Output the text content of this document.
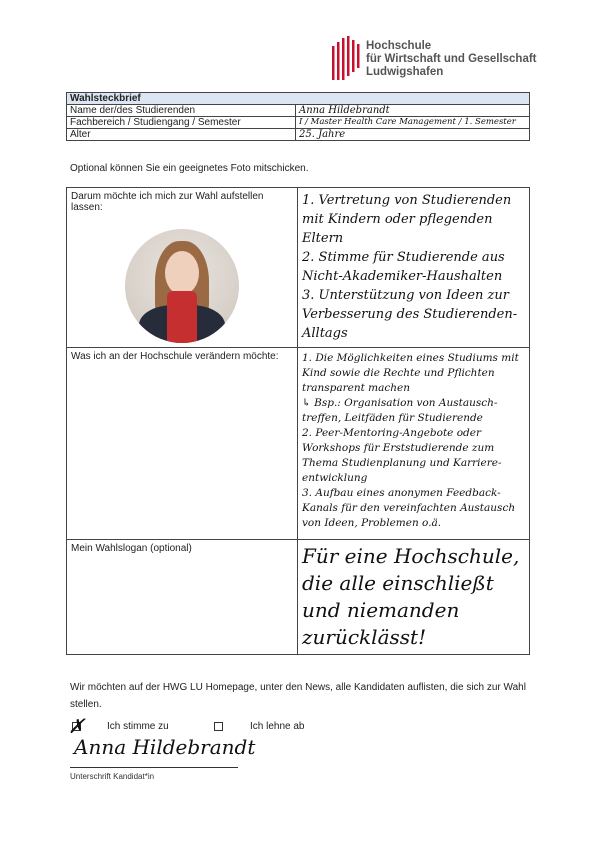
Hochschule
für Wirtschaft und Gesellschaft
Ludwigshafen
Wahlsteckbrief	
Name der/des Studierenden	Anna Hildebrandt
Fachbereich / Studiengang / Semester	I / Master Health Care Management / 1. Semester
Alter	25. Jahre
Optional können Sie ein geeignetes Foto mitschicken.
Darum möchte ich mich zur Wahl aufstellen lassen:	1. Vertretung von Studierenden mit Kindern oder pflegenden Eltern
2. Stimme für Studierende aus Nicht-Akademiker-Haushalten
3. Unterstützung von Ideen zur Verbesserung des Studierenden-Alltags

Was ich an der Hochschule verändern möchte:	1. Die Möglichkeiten eines Studiums mit Kind sowie die Rechte und Pflichten transparent machen
↳ Bsp.: Organisation von Austausch-treffen, Leitfäden für Studierende
2. Peer-Mentoring-Angebote oder Workshops für Erststudierende zum Thema Studienplanung und Karriere-entwicklung
3. Aufbau eines anonymen Feedback-Kanals für den vereinfachten Austausch von Ideen, Problemen o.ä.

Mein Wahlslogan (optional)	Für eine Hochschule, die alle einschließt und niemanden zurücklässt!
Wir möchten auf der HWG LU Homepage, unter den News, alle Kandidaten auflisten, die sich zur Wahl stellen.
✗ Ich stimme zu	Ich lehne ab
Anna Hildebrandt
Unterschrift Kandidat*in
